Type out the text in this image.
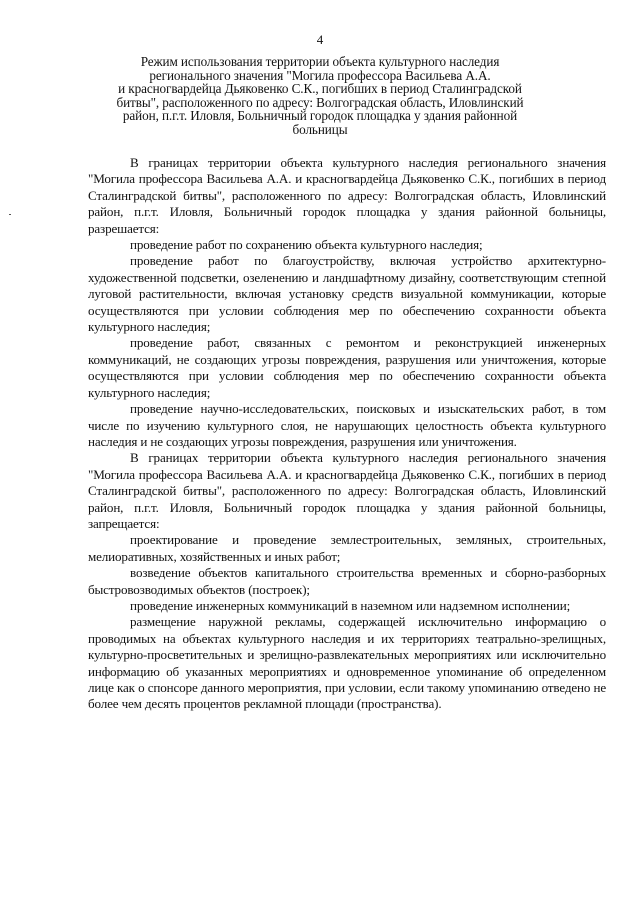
4
Режим использования территории объекта культурного наследия
регионального значения "Могила профессора Васильева А.А.
и красногвардейца Дьяковенко С.К., погибших в период Сталинградской
битвы", расположенного по адресу: Волгоградская область, Иловлинский
район, п.г.т. Иловля, Больничный городок площадка у здания районной
больницы

В границах территории объекта культурного наследия регионального значения "Могила профессора Васильева А.А. и красногвардейца Дьяковенко С.К., погибших в период Сталинградской битвы", расположенного по адресу: Волгоградская область, Иловлинский район, п.г.т. Иловля, Больничный городок площадка у здания районной больницы, разрешается:

проведение работ по сохранению объекта культурного наследия;

проведение работ по благоустройству, включая устройство архитектурно-художественной подсветки, озеленению и ландшафтному дизайну, соответствующим степной луговой растительности, включая установку средств визуальной коммуникации, которые осуществляются при условии соблюдения мер по обеспечению сохранности объекта культурного наследия;

проведение работ, связанных с ремонтом и реконструкцией инженерных коммуникаций, не создающих угрозы повреждения, разрушения или уничтожения, которые осуществляются при условии соблюдения мер по обеспечению сохранности объекта культурного наследия;

проведение научно-исследовательских, поисковых и изыскательских работ, в том числе по изучению культурного слоя, не нарушающих целостность объекта культурного наследия и не создающих угрозы повреждения, разрушения или уничтожения.

В границах территории объекта культурного наследия регионального значения "Могила профессора Васильева А.А. и красногвардейца Дьяковенко С.К., погибших в период Сталинградской битвы", расположенного по адресу: Волгоградская область, Иловлинский район, п.г.т. Иловля, Больничный городок площадка у здания районной больницы, запрещается:

проектирование и проведение землестроительных, земляных, строительных, мелиоративных, хозяйственных и иных работ;

возведение объектов капитального строительства временных и сборно-разборных быстровозводимых объектов (построек);

проведение инженерных коммуникаций в наземном или надземном исполнении;

размещение наружной рекламы, содержащей исключительно информацию о проводимых на объектах культурного наследия и их территориях театрально-зрелищных, культурно-просветительных и зрелищно-развлекательных мероприятиях или исключительно информацию об указанных мероприятиях и одновременное упоминание об определенном лице как о спонсоре данного мероприятия, при условии, если такому упоминанию отведено не более чем десять процентов рекламной площади (пространства).
